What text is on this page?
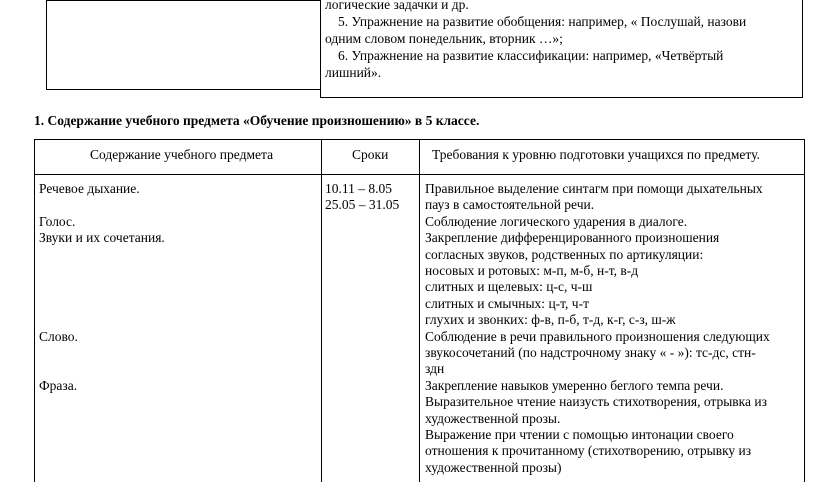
логические задачки и др.
5. Упражнение на развитие обобщения: например, « Послушай, назови
одним словом понедельник, вторник …»;
6. Упражнение на развитие классификации: например, «Четвёртый
лишний».
1. Содержание учебного предмета «Обучение произношению» в 5 классе.
Содержание учебного предмета	Сроки	Требования к уровню подготовки учащихся по предмету.
Речевое дыхание.
Голос.
Звуки и их сочетания.
Слово.
Фраза.
10.11 – 8.05
25.05 – 31.05
Правильное выделение синтагм при помощи дыхательных
пауз в самостоятельной речи.
Соблюдение логического ударения в диалоге.
Закрепление дифференцированного произношения
согласных звуков, родственных по артикуляции:
носовых и ротовых: м-п, м-б, н-т, в-д
слитных и щелевых: ц-с, ч-ш
слитных и смычных: ц-т, ч-т
глухих и звонких: ф-в, п-б, т-д, к-г, с-з, ш-ж
Соблюдение в речи правильного произношения следующих
звукосочетаний (по надстрочному знаку « - »): тс-дс, стн-
здн
Закрепление навыков умеренно беглого темпа речи.
Выразительное чтение наизусть стихотворения, отрывка из
художественной прозы.
Выражение при чтении с помощью интонации своего
отношения к прочитанному (стихотворению, отрывку из
художественной прозы)
